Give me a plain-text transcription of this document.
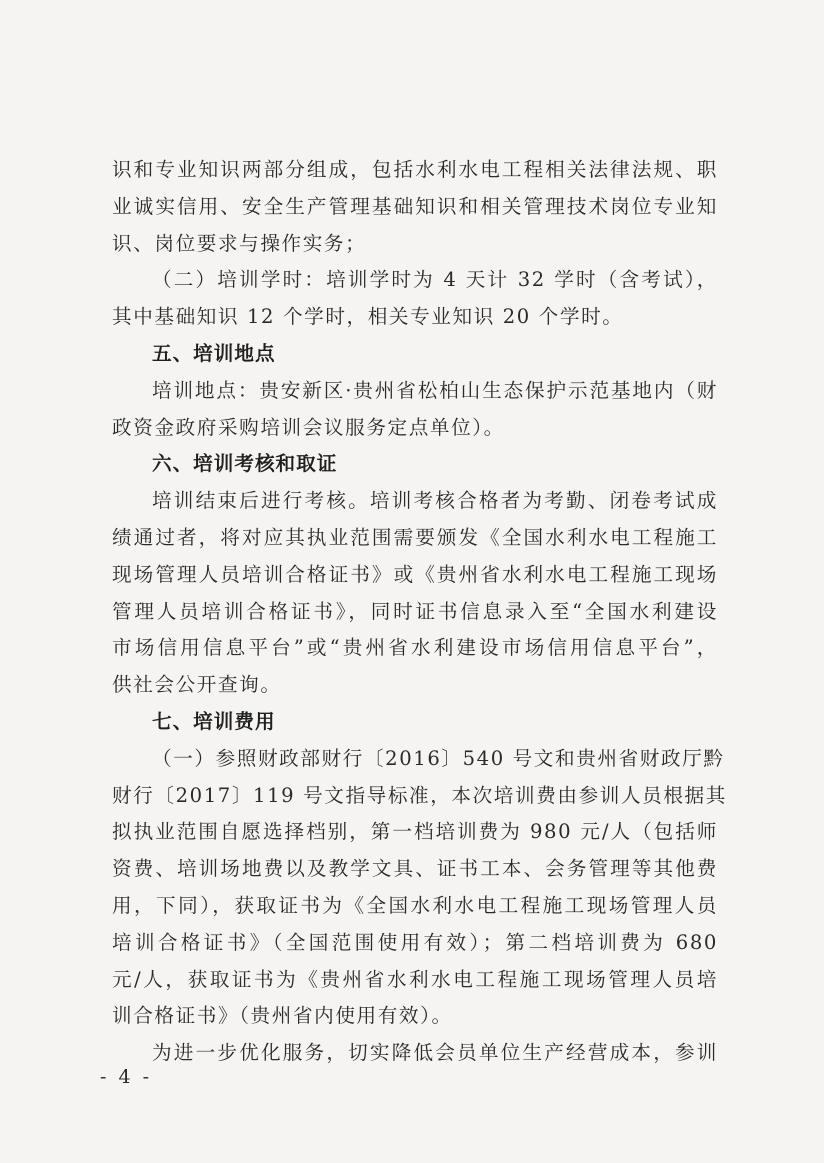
识和专业知识两部分组成，包括水利水电工程相关法律法规、职
业诚实信用、安全生产管理基础知识和相关管理技术岗位专业知
识、岗位要求与操作实务；
（二）培训学时：培训学时为 4 天计 32 学时（含考试），
其中基础知识 12 个学时，相关专业知识 20 个学时。
五、培训地点
培训地点：贵安新区·贵州省松柏山生态保护示范基地内（财
政资金政府采购培训会议服务定点单位）。
六、培训考核和取证
培训结束后进行考核。培训考核合格者为考勤、闭卷考试成
绩通过者，将对应其执业范围需要颁发《全国水利水电工程施工
现场管理人员培训合格证书》或《贵州省水利水电工程施工现场
管理人员培训合格证书》，同时证书信息录入至“全国水利建设
市场信用信息平台”或“贵州省水利建设市场信用信息平台”，
供社会公开查询。
七、培训费用
（一）参照财政部财行〔2016〕540 号文和贵州省财政厅黔
财行〔2017〕119 号文指导标准，本次培训费由参训人员根据其
拟执业范围自愿选择档别，第一档培训费为 980 元/人（包括师
资费、培训场地费以及教学文具、证书工本、会务管理等其他费
用，下同），获取证书为《全国水利水电工程施工现场管理人员
培训合格证书》（全国范围使用有效）；第二档培训费为 680
元/人，获取证书为《贵州省水利水电工程施工现场管理人员培
训合格证书》（贵州省内使用有效）。
为进一步优化服务，切实降低会员单位生产经营成本，参训
- 4 -
